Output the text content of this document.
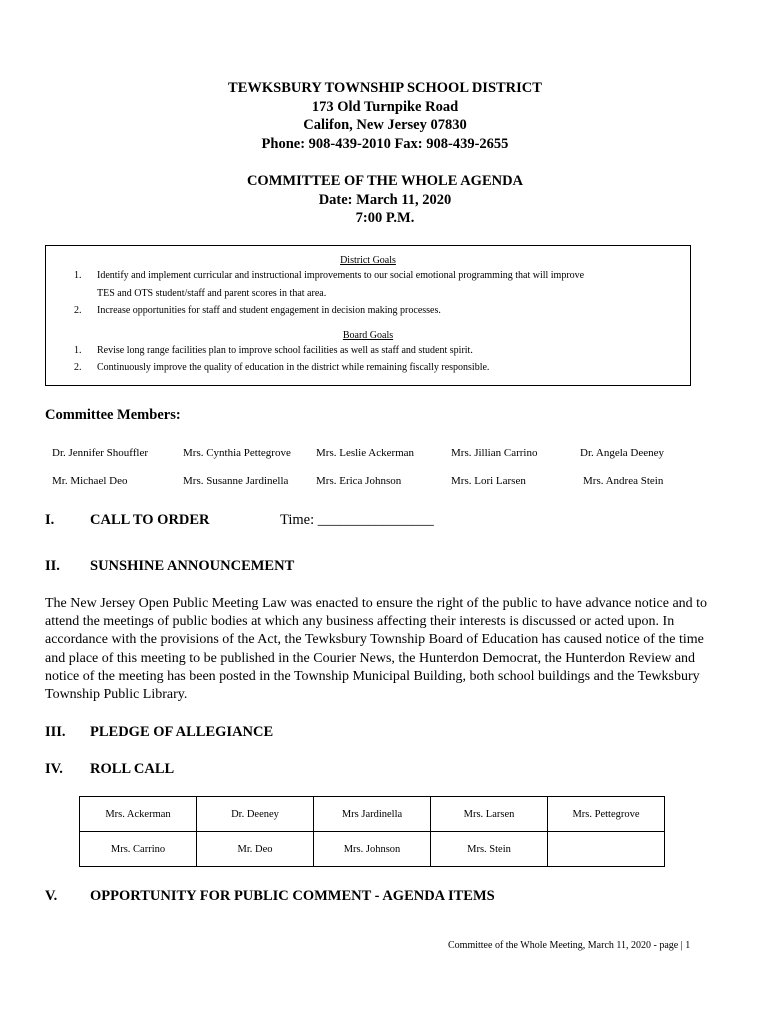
TEWKSBURY TOWNSHIP SCHOOL DISTRICT
173 Old Turnpike Road
Califon, New Jersey 07830
Phone: 908-439-2010 Fax: 908-439-2655
COMMITTEE OF THE WHOLE AGENDA
Date: March 11, 2020
7:00 P.M.
District Goals
1. Identify and implement curricular and instructional improvements to our social emotional programming that will improve
TES and OTS student/staff and parent scores in that area.
2. Increase opportunities for staff and student engagement in decision making processes.
Board Goals
1. Revise long range facilities plan to improve school facilities as well as staff and student spirit.
2. Continuously improve the quality of education in the district while remaining fiscally responsible.
Committee Members:
Dr. Jennifer Shouffler	Mrs. Cynthia Pettegrove Mrs. Leslie Ackerman	Mrs. Jillian Carrino	Dr. Angela Deeney
Mr. Michael Deo	Mrs. Susanne Jardinella	Mrs. Erica Johnson	Mrs. Lori Larsen	Mrs. Andrea Stein
I. CALL TO ORDER	Time: ________________
II. SUNSHINE ANNOUNCEMENT
The New Jersey Open Public Meeting Law was enacted to ensure the right of the public to have advance notice and to attend the meetings of public bodies at which any business affecting their interests is discussed or acted upon. In accordance with the provisions of the Act, the Tewksbury Township Board of Education has caused notice of the time and place of this meeting to be published in the Courier News, the Hunterdon Democrat, the Hunterdon Review and notice of the meeting has been posted in the Township Municipal Building, both school buildings and the Tewksbury Township Public Library.
III. PLEDGE OF ALLEGIANCE
IV. ROLL CALL
Mrs. Ackerman	Dr. Deeney	Mrs Jardinella	Mrs. Larsen	Mrs. Pettegrove
Mrs. Carrino	Mr. Deo	Mrs. Johnson	Mrs. Stein	
V. OPPORTUNITY FOR PUBLIC COMMENT - AGENDA ITEMS
Committee of the Whole Meeting, March 11, 2020 - page | 1
